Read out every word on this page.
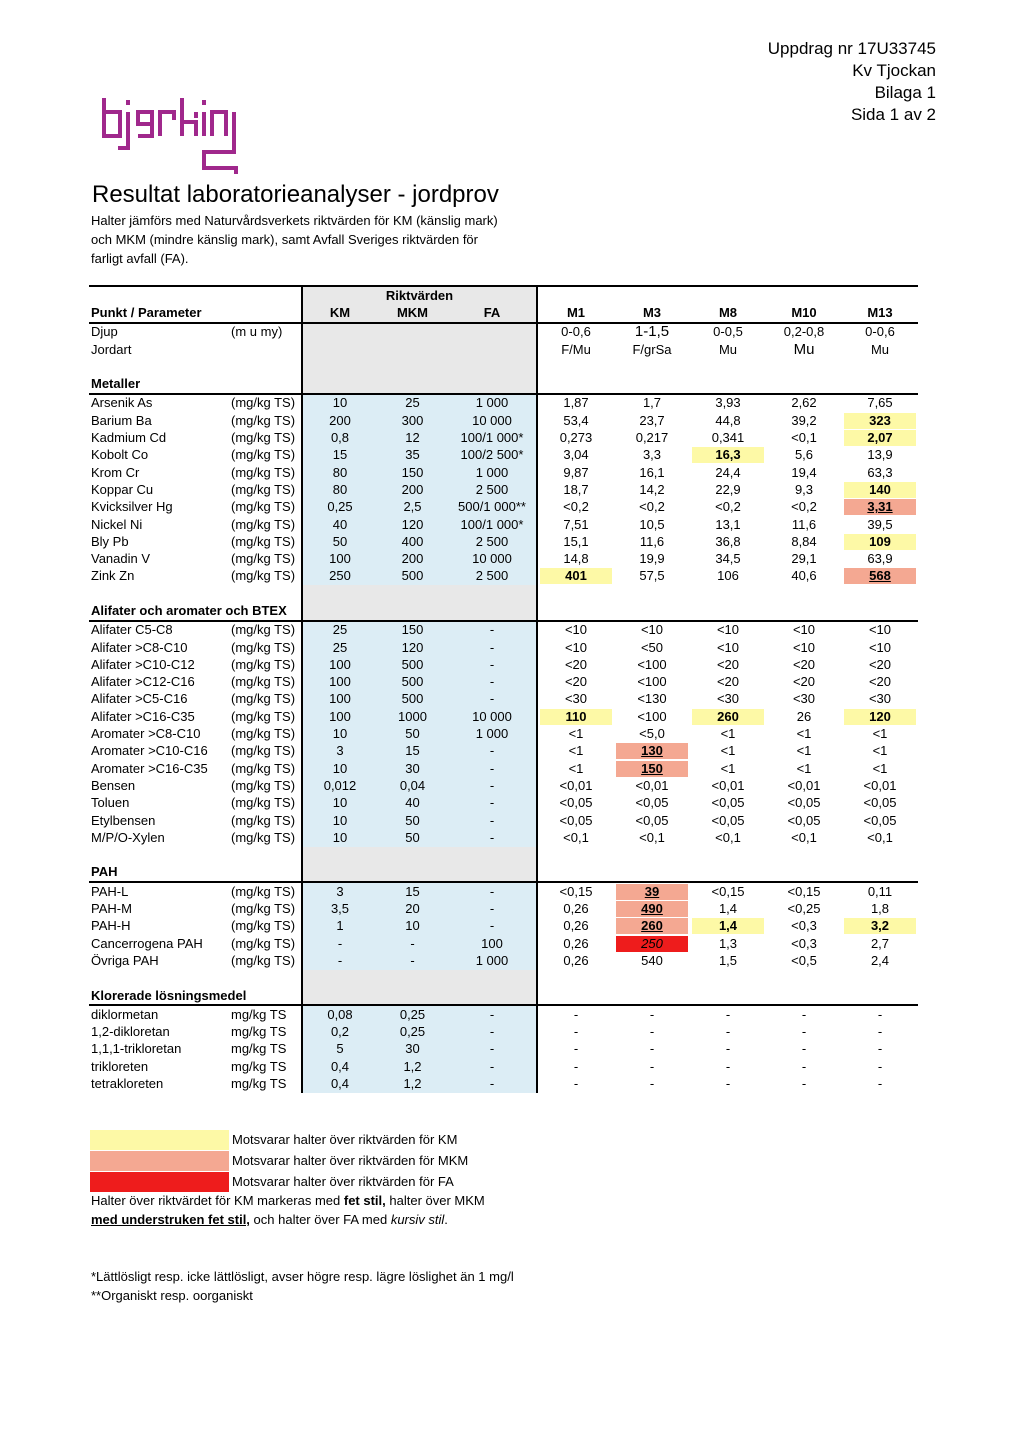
Uppdrag nr 17U33745
Kv Tjockan
Bilaga 1
Sida 1 av 2
Resultat laboratorieanalyser - jordprov
Halter jämförs med Naturvårdsverkets riktvärden för KM (känslig mark)
och MKM (mindre känslig mark), samt Avfall Sveriges riktvärden för
farligt avfall (FA).
		Riktvärden							
Punkt / Parameter		KM	MKM	FA	M1	M3	M8	M10	M13
Djup	(m u my)				0-0,6	1-1,5	0-0,5	0,2-0,8	0-0,6
Jordart					F/Mu	F/grSa	Mu	Mu	Mu

Metaller									
Arsenik As	(mg/kg TS)	10	25	1 000	1,87	1,7	3,93	2,62	7,65
Barium Ba	(mg/kg TS)	200	300	10 000	53,4	23,7	44,8	39,2	323
Kadmium Cd	(mg/kg TS)	0,8	12	100/1 000*	0,273	0,217	0,341	<0,1	2,07
Kobolt Co	(mg/kg TS)	15	35	100/2 500*	3,04	3,3	16,3	5,6	13,9
Krom Cr	(mg/kg TS)	80	150	1 000	9,87	16,1	24,4	19,4	63,3
Koppar Cu	(mg/kg TS)	80	200	2 500	18,7	14,2	22,9	9,3	140
Kvicksilver Hg	(mg/kg TS)	0,25	2,5	500/1 000**	<0,2	<0,2	<0,2	<0,2	3,31
Nickel Ni	(mg/kg TS)	40	120	100/1 000*	7,51	10,5	13,1	11,6	39,5
Bly Pb	(mg/kg TS)	50	400	2 500	15,1	11,6	36,8	8,84	109
Vanadin V	(mg/kg TS)	100	200	10 000	14,8	19,9	34,5	29,1	63,9
Zink Zn	(mg/kg TS)	250	500	2 500	401	57,5	106	40,6	568

Alifater och aromater och BTEX									
Alifater C5-C8	(mg/kg TS)	25	150	-	<10	<10	<10	<10	<10
Alifater >C8-C10	(mg/kg TS)	25	120	-	<10	<50	<10	<10	<10
Alifater >C10-C12	(mg/kg TS)	100	500	-	<20	<100	<20	<20	<20
Alifater >C12-C16	(mg/kg TS)	100	500	-	<20	<100	<20	<20	<20
Alifater >C5-C16	(mg/kg TS)	100	500	-	<30	<130	<30	<30	<30
Alifater >C16-C35	(mg/kg TS)	100	1000	10 000	110	<100	260	26	120
Aromater >C8-C10	(mg/kg TS)	10	50	1 000	<1	<5,0	<1	<1	<1
Aromater >C10-C16	(mg/kg TS)	3	15	-	<1	130	<1	<1	<1
Aromater >C16-C35	(mg/kg TS)	10	30	-	<1	150	<1	<1	<1
Bensen	(mg/kg TS)	0,012	0,04	-	<0,01	<0,01	<0,01	<0,01	<0,01
Toluen	(mg/kg TS)	10	40	-	<0,05	<0,05	<0,05	<0,05	<0,05
Etylbensen	(mg/kg TS)	10	50	-	<0,05	<0,05	<0,05	<0,05	<0,05
M/P/O-Xylen	(mg/kg TS)	10	50	-	<0,1	<0,1	<0,1	<0,1	<0,1

PAH									
PAH-L	(mg/kg TS)	3	15	-	<0,15	39	<0,15	<0,15	0,11
PAH-M	(mg/kg TS)	3,5	20	-	0,26	490	1,4	<0,25	1,8
PAH-H	(mg/kg TS)	1	10	-	0,26	260	1,4	<0,3	3,2
Cancerrogena PAH	(mg/kg TS)	-	-	100	0,26	250	1,3	<0,3	2,7
Övriga PAH	(mg/kg TS)	-	-	1 000	0,26	540	1,5	<0,5	2,4

Klorerade lösningsmedel									
diklormetan	mg/kg TS	0,08	0,25	-	-	-	-	-	-
1,2-dikloretan	mg/kg TS	0,2	0,25	-	-	-	-	-	-
1,1,1-trikloretan	mg/kg TS	5	30	-	-	-	-	-	-
trikloreten	mg/kg TS	0,4	1,2	-	-	-	-	-	-
tetrakloreten	mg/kg TS	0,4	1,2	-	-	-	-	-	-
Motsvarar halter över riktvärden för KM
Motsvarar halter över riktvärden för MKM
Motsvarar halter över riktvärden för FA
Halter över riktvärdet för KM markeras med fet stil, halter över MKM
med understruken fet stil, och halter över FA med kursiv stil.
*Lättlösligt resp. icke lättlösligt, avser högre resp. lägre löslighet än 1 mg/l
**Organiskt resp. oorganiskt
